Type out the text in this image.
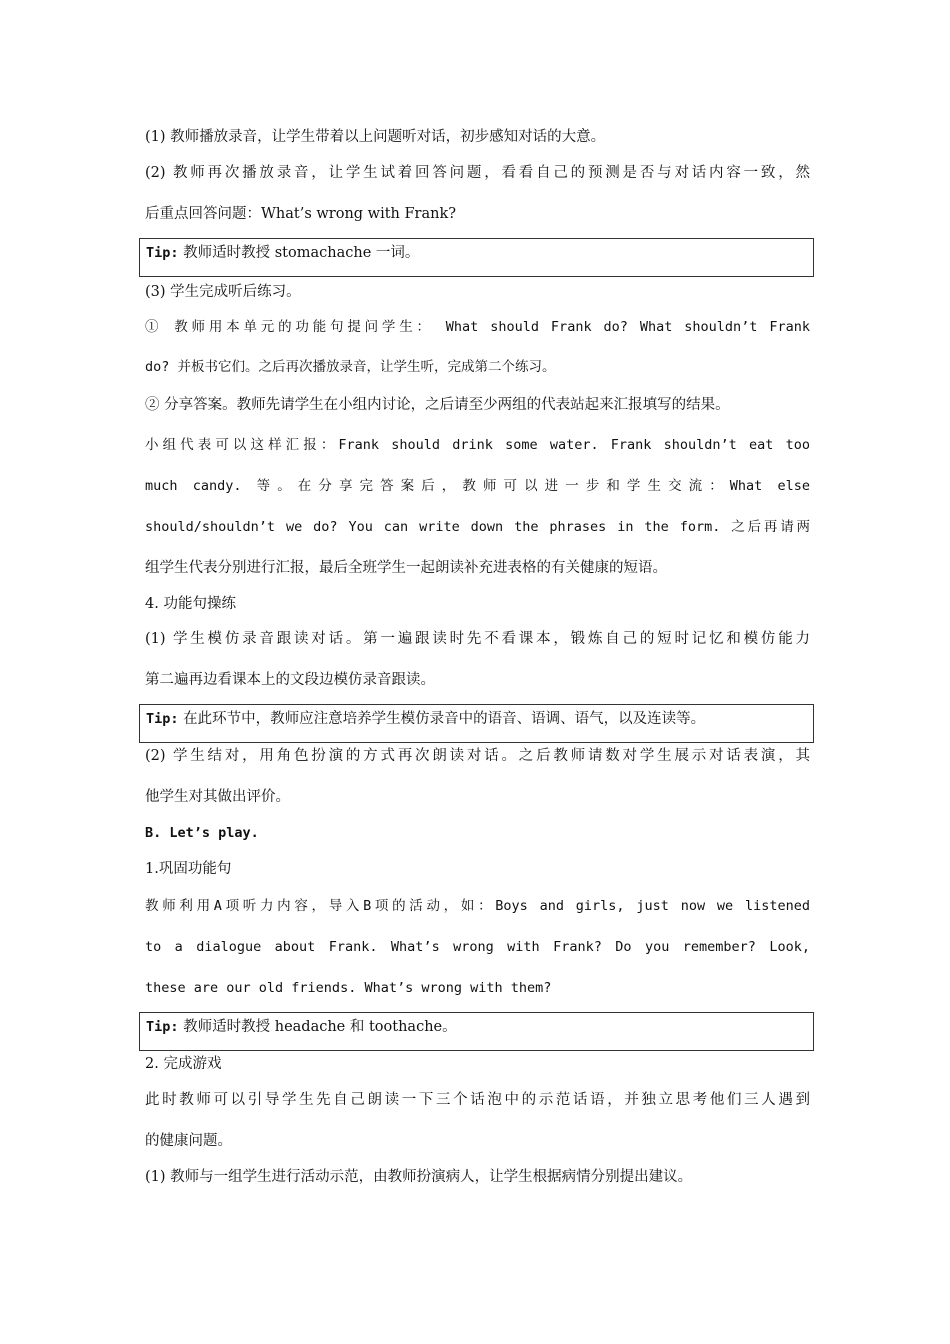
(1) 教师播放录音，让学生带着以上问题听对话，初步感知对话的大意。
(2) 教师再次播放录音，让学生试着回答问题，看看自己的预测是否与对话内容一致，然
后重点回答问题：What’s wrong with Frank?
Tip: 教师适时教授 stomachache 一词。
(3) 学生完成听后练习。
① 教师用本单元的功能句提问学生： What should Frank do? What shouldn’t Frank
do? 并板书它们。之后再次播放录音，让学生听，完成第二个练习。
② 分享答案。教师先请学生在小组内讨论，之后请至少两组的代表站起来汇报填写的结果。
小组代表可以这样汇报：Frank should drink some water. Frank shouldn’t eat too
much candy. 等。在分享完答案后，教师可以进一步和学生交流：What else
should/shouldn’t we do? You can write down the phrases in the form. 之后再请两
组学生代表分别进行汇报，最后全班学生一起朗读补充进表格的有关健康的短语。
4. 功能句操练
(1) 学生模仿录音跟读对话。第一遍跟读时先不看课本，锻炼自己的短时记忆和模仿能力
第二遍再边看课本上的文段边模仿录音跟读。
Tip: 在此环节中，教师应注意培养学生模仿录音中的语音、语调、语气，以及连读等。
(2) 学生结对，用角色扮演的方式再次朗读对话。之后教师请数对学生展示对话表演，其
他学生对其做出评价。
B. Let’s play.
1.巩固功能句
教师利用A项听力内容，导入B项的活动，如：Boys and girls, just now we listened
to a dialogue about Frank. What’s wrong with Frank? Do you remember? Look,
these are our old friends. What’s wrong with them?
Tip: 教师适时教授 headache 和 toothache。
2. 完成游戏
此时教师可以引导学生先自己朗读一下三个话泡中的示范话语，并独立思考他们三人遇到
的健康问题。
(1) 教师与一组学生进行活动示范，由教师扮演病人，让学生根据病情分别提出建议。
